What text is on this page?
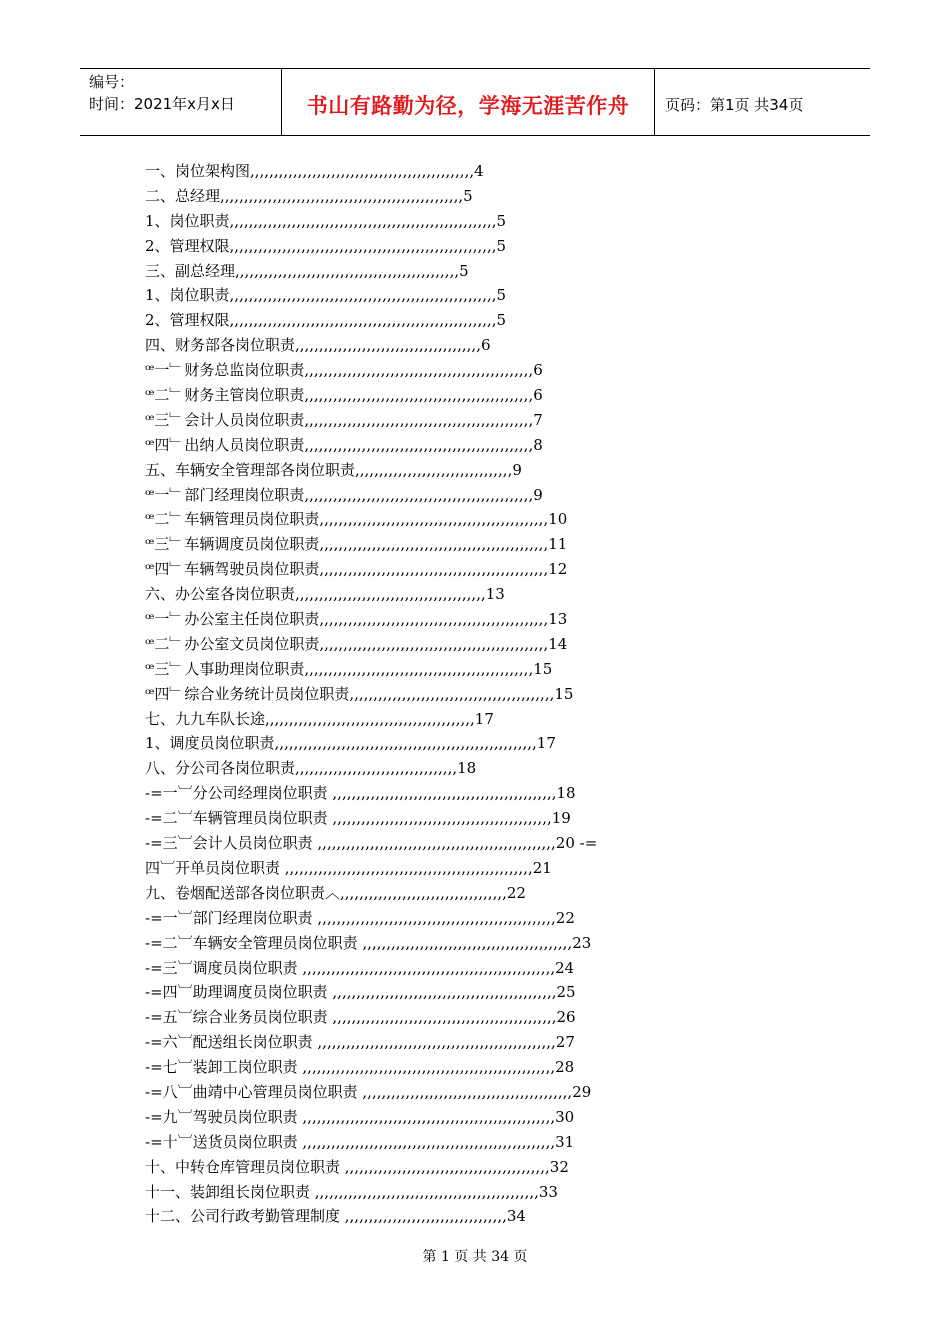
编号：
时间：2021年x月x日	书山有路勤为径，学海无涯苦作舟	页码：第1页 共34页
一、岗位架构图,,,,,,,,,,,,,,,,,,,,,,,,,,,,,,,,,,,,,,,,,,,,,,,4
二、总经理,,,,,,,,,,,,,,,,,,,,,,,,,,,,,,,,,,,,,,,,,,,,,,,,,,,5
1、岗位职责,,,,,,,,,,,,,,,,,,,,,,,,,,,,,,,,,,,,,,,,,,,,,,,,,,,,,,,,5
2、管理权限,,,,,,,,,,,,,,,,,,,,,,,,,,,,,,,,,,,,,,,,,,,,,,,,,,,,,,,,5
三、副总经理,,,,,,,,,,,,,,,,,,,,,,,,,,,,,,,,,,,,,,,,,,,,,,,5
1、岗位职责,,,,,,,,,,,,,,,,,,,,,,,,,,,,,,,,,,,,,,,,,,,,,,,,,,,,,,,,5
2、管理权限,,,,,,,,,,,,,,,,,,,,,,,,,,,,,,,,,,,,,,,,,,,,,,,,,,,,,,,,5
四、财务部各岗位职责,,,,,,,,,,,,,,,,,,,,,,,,,,,,,,,,,,,,,,,6
ꟹ一﹂财务总监岗位职责,,,,,,,,,,,,,,,,,,,,,,,,,,,,,,,,,,,,,,,,,,,,,,,,6
ꟹ二﹂财务主管岗位职责,,,,,,,,,,,,,,,,,,,,,,,,,,,,,,,,,,,,,,,,,,,,,,,,6
ꟹ三﹂会计人员岗位职责,,,,,,,,,,,,,,,,,,,,,,,,,,,,,,,,,,,,,,,,,,,,,,,,7
ꟹ四﹂出纳人员岗位职责,,,,,,,,,,,,,,,,,,,,,,,,,,,,,,,,,,,,,,,,,,,,,,,,8
五、车辆安全管理部各岗位职责,,,,,,,,,,,,,,,,,,,,,,,,,,,,,,,,,9
ꟹ一﹂部门经理岗位职责,,,,,,,,,,,,,,,,,,,,,,,,,,,,,,,,,,,,,,,,,,,,,,,,9
ꟹ二﹂车辆管理员岗位职责,,,,,,,,,,,,,,,,,,,,,,,,,,,,,,,,,,,,,,,,,,,,,,,,10
ꟹ三﹂车辆调度员岗位职责,,,,,,,,,,,,,,,,,,,,,,,,,,,,,,,,,,,,,,,,,,,,,,,,11
ꟹ四﹂车辆驾驶员岗位职责,,,,,,,,,,,,,,,,,,,,,,,,,,,,,,,,,,,,,,,,,,,,,,,,12
六、办公室各岗位职责,,,,,,,,,,,,,,,,,,,,,,,,,,,,,,,,,,,,,,,,13
ꟹ一﹂办公室主任岗位职责,,,,,,,,,,,,,,,,,,,,,,,,,,,,,,,,,,,,,,,,,,,,,,,,13
ꟹ二﹂办公室文员岗位职责,,,,,,,,,,,,,,,,,,,,,,,,,,,,,,,,,,,,,,,,,,,,,,,,14
ꟹ三﹂人事助理岗位职责,,,,,,,,,,,,,,,,,,,,,,,,,,,,,,,,,,,,,,,,,,,,,,,,15
ꟹ四﹂综合业务统计员岗位职责,,,,,,,,,,,,,,,,,,,,,,,,,,,,,,,,,,,,,,,,,,,15
七、九九车队长途,,,,,,,,,,,,,,,,,,,,,,,,,,,,,,,,,,,,,,,,,,,,17
1、调度员岗位职责,,,,,,,,,,,,,,,,,,,,,,,,,,,,,,,,,,,,,,,,,,,,,,,,,,,,,,,17
八、分公司各岗位职责,,,,,,,,,,,,,,,,,,,,,,,,,,,,,,,,,,18
-=一︺分公司经理岗位职责 ,,,,,,,,,,,,,,,,,,,,,,,,,,,,,,,,,,,,,,,,,,,,,,,18
-=二︺车辆管理员岗位职责 ,,,,,,,,,,,,,,,,,,,,,,,,,,,,,,,,,,,,,,,,,,,,,,19
-=三︺会计人员岗位职责 ,,,,,,,,,,,,,,,,,,,,,,,,,,,,,,,,,,,,,,,,,,,,,,,,,,20 -=
四︺开单员岗位职责 ,,,,,,,,,,,,,,,,,,,,,,,,,,,,,,,,,,,,,,,,,,,,,,,,,,,,21
九、卷烟配送部各岗位职责︿,,,,,,,,,,,,,,,,,,,,,,,,,,,,,,,,,,,22
-=一︺部门经理岗位职责 ,,,,,,,,,,,,,,,,,,,,,,,,,,,,,,,,,,,,,,,,,,,,,,,,,,22
-=二︺车辆安全管理员岗位职责 ,,,,,,,,,,,,,,,,,,,,,,,,,,,,,,,,,,,,,,,,,,,,23
-=三︺调度员岗位职责 ,,,,,,,,,,,,,,,,,,,,,,,,,,,,,,,,,,,,,,,,,,,,,,,,,,,,,24
-=四︺助理调度员岗位职责 ,,,,,,,,,,,,,,,,,,,,,,,,,,,,,,,,,,,,,,,,,,,,,,,25
-=五︺综合业务员岗位职责 ,,,,,,,,,,,,,,,,,,,,,,,,,,,,,,,,,,,,,,,,,,,,,,,26
-=六︺配送组长岗位职责 ,,,,,,,,,,,,,,,,,,,,,,,,,,,,,,,,,,,,,,,,,,,,,,,,,,27
-=七︺装卸工岗位职责 ,,,,,,,,,,,,,,,,,,,,,,,,,,,,,,,,,,,,,,,,,,,,,,,,,,,,,28
-=八︺曲靖中心管理员岗位职责 ,,,,,,,,,,,,,,,,,,,,,,,,,,,,,,,,,,,,,,,,,,,,29
-=九︺驾驶员岗位职责 ,,,,,,,,,,,,,,,,,,,,,,,,,,,,,,,,,,,,,,,,,,,,,,,,,,,,,30
-=十︺送货员岗位职责 ,,,,,,,,,,,,,,,,,,,,,,,,,,,,,,,,,,,,,,,,,,,,,,,,,,,,,31
十、中转仓库管理员岗位职责 ,,,,,,,,,,,,,,,,,,,,,,,,,,,,,,,,,,,,,,,,,,,32
十一、装卸组长岗位职责 ,,,,,,,,,,,,,,,,,,,,,,,,,,,,,,,,,,,,,,,,,,,,,,,33
十二、公司行政考勤管理制度 ,,,,,,,,,,,,,,,,,,,,,,,,,,,,,,,,,,34
第 1 页 共 34 页
